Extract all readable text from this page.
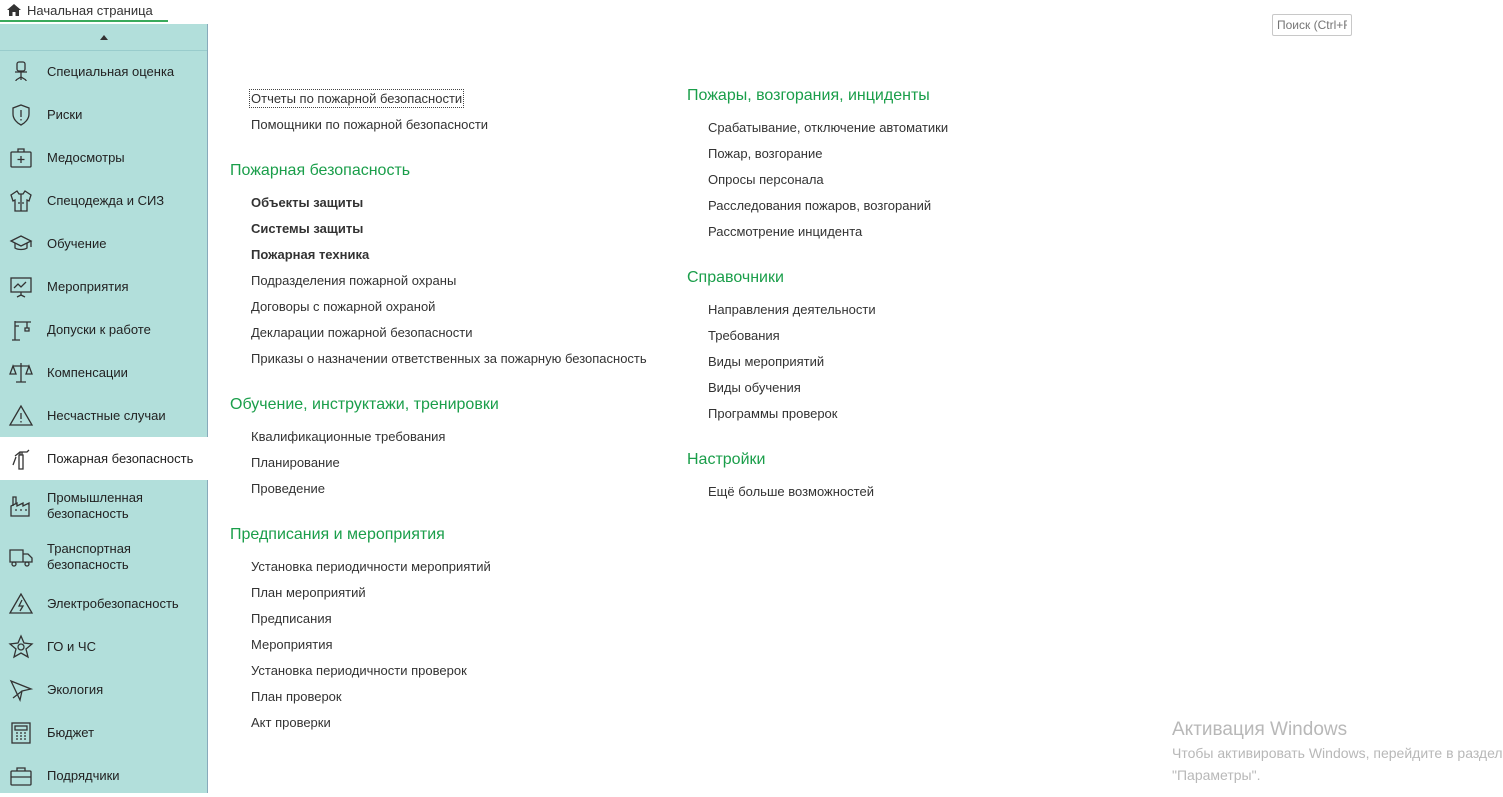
Начальная страница
Поиск (Ctrl+F)
Специальная оценка
Риски
Медосмотры
Спецодежда и СИЗ
Обучение
Мероприятия
Допуски к работе
Компенсации
Несчастные случаи
Пожарная безопасность
Промышленная безопасность
Транспортная безопасность
Электробезопасность
ГО и ЧС
Экология
Бюджет
Подрядчики
Отчеты по пожарной безопасности
Помощники по пожарной безопасности
Пожарная безопасность
Объекты защиты
Системы защиты
Пожарная техника
Подразделения пожарной охраны
Договоры с пожарной охраной
Декларации пожарной безопасности
Приказы о назначении ответственных за пожарную безопасность
Обучение, инструктажи, тренировки
Квалификационные требования
Планирование
Проведение
Предписания и мероприятия
Установка периодичности мероприятий
План мероприятий
Предписания
Мероприятия
Установка периодичности проверок
План проверок
Акт проверки
Пожары, возгорания, инциденты
Срабатывание, отключение автоматики
Пожар, возгорание
Опросы персонала
Расследования пожаров, возгораний
Рассмотрение инцидента
Справочники
Направления деятельности
Требования
Виды мероприятий
Виды обучения
Программы проверок
Настройки
Ещё больше возможностей
Активация Windows
Чтобы активировать Windows, перейдите в раздел
"Параметры".
